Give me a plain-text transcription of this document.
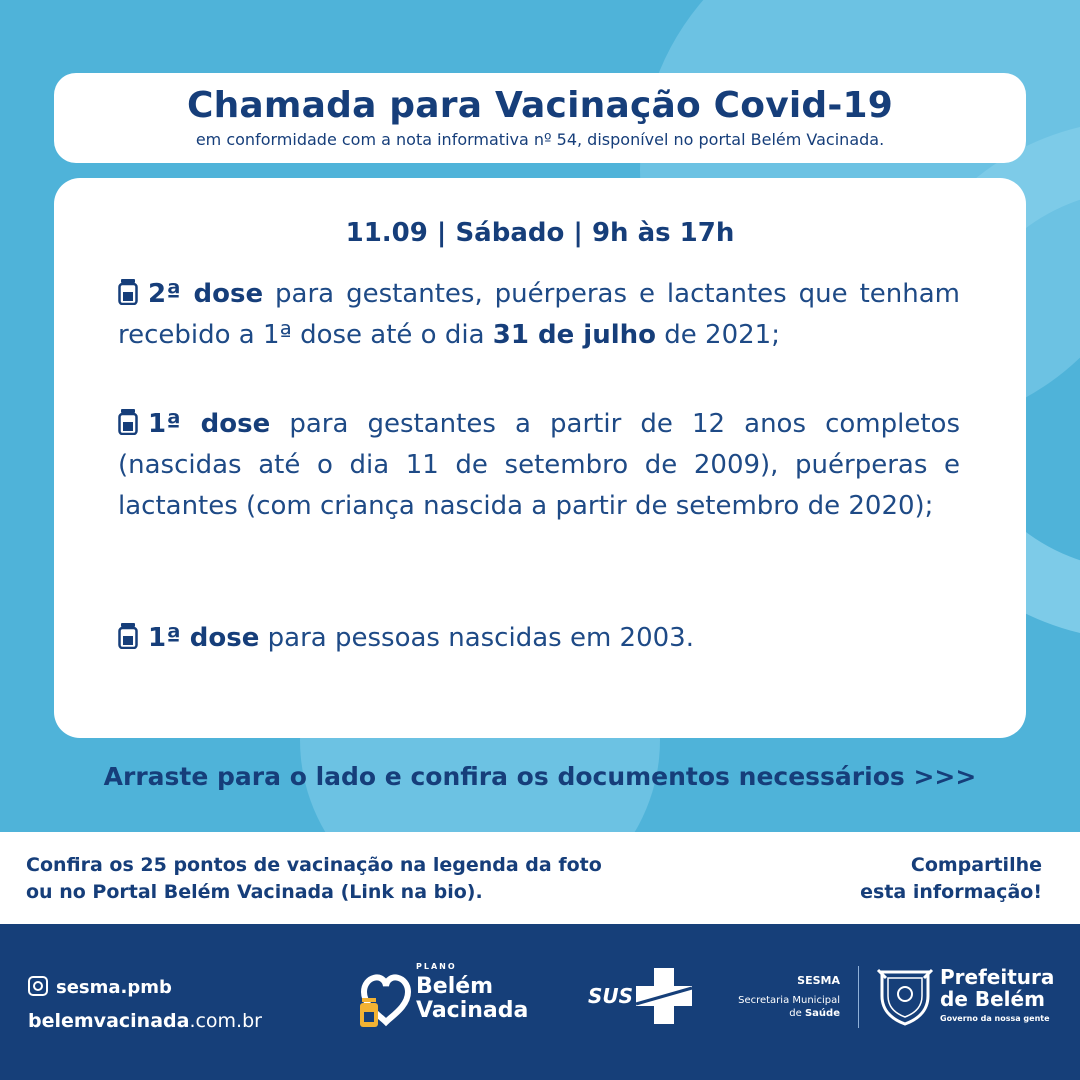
Chamada para Vacinação Covid-19
em conformidade com a nota informativa nº 54, disponível no portal Belém Vacinada.
11.09 | Sábado | 9h às 17h
2ª dose para gestantes, puérperas e lactantes que tenham recebido a 1ª dose até o dia 31 de julho de 2021;
1ª dose para gestantes a partir de 12 anos completos (nascidas até o dia 11 de setembro de 2009), puérperas e lactantes (com criança nascida a partir de setembro de 2020);
1ª dose para pessoas nascidas em 2003.
Arraste para o lado e confira os documentos necessários >>>
Confira os 25 pontos de vacinação na legenda da foto
ou no Portal Belém Vacinada (Link na bio).
Compartilhe
esta informação!
sesma.pmb
belemvacinada.com.br
PLANO
Belém
Vacinada
SUS
SESMA
Secretaria Municipal
de Saúde
Prefeitura
de Belém
Governo da nossa gente
